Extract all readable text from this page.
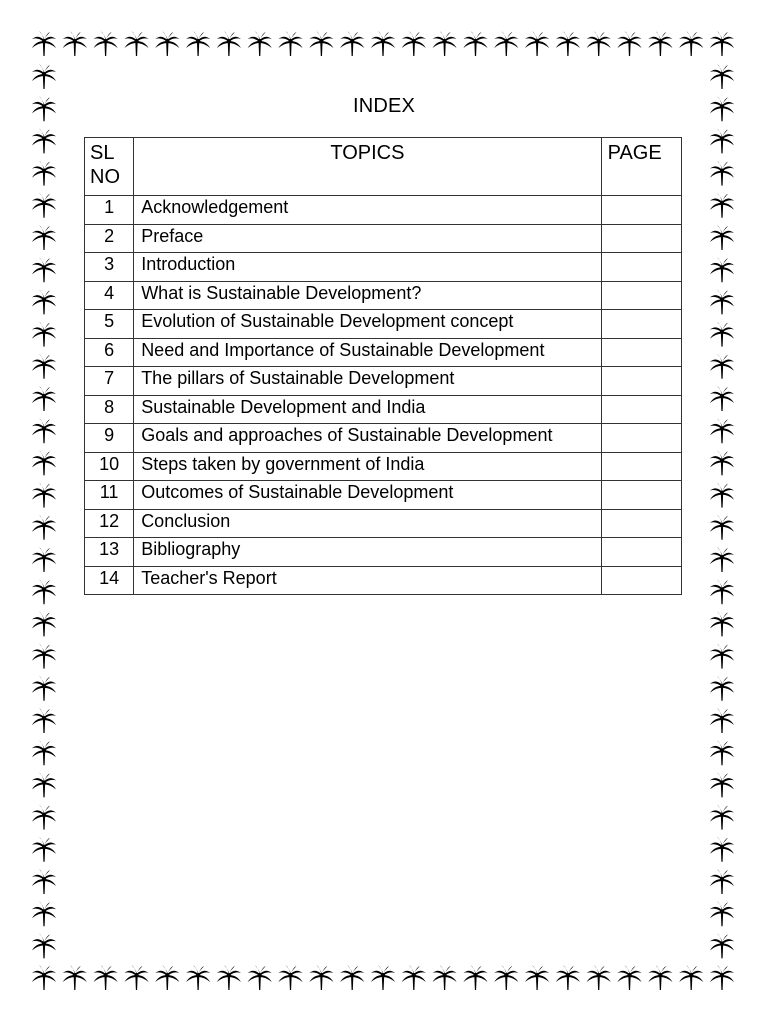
INDEX
SL
NO	TOPICS	PAGE
1	Acknowledgement	
2	Preface	
3	Introduction	
4	What is Sustainable Development?	
5	Evolution of Sustainable Development concept	
6	Need and Importance of Sustainable Development	
7	The pillars of Sustainable Development	
8	Sustainable Development and India	
9	Goals and approaches of Sustainable Development	
10	Steps taken by government of India	
11	Outcomes of Sustainable Development	
12	Conclusion	
13	Bibliography	
14	Teacher's Report	
